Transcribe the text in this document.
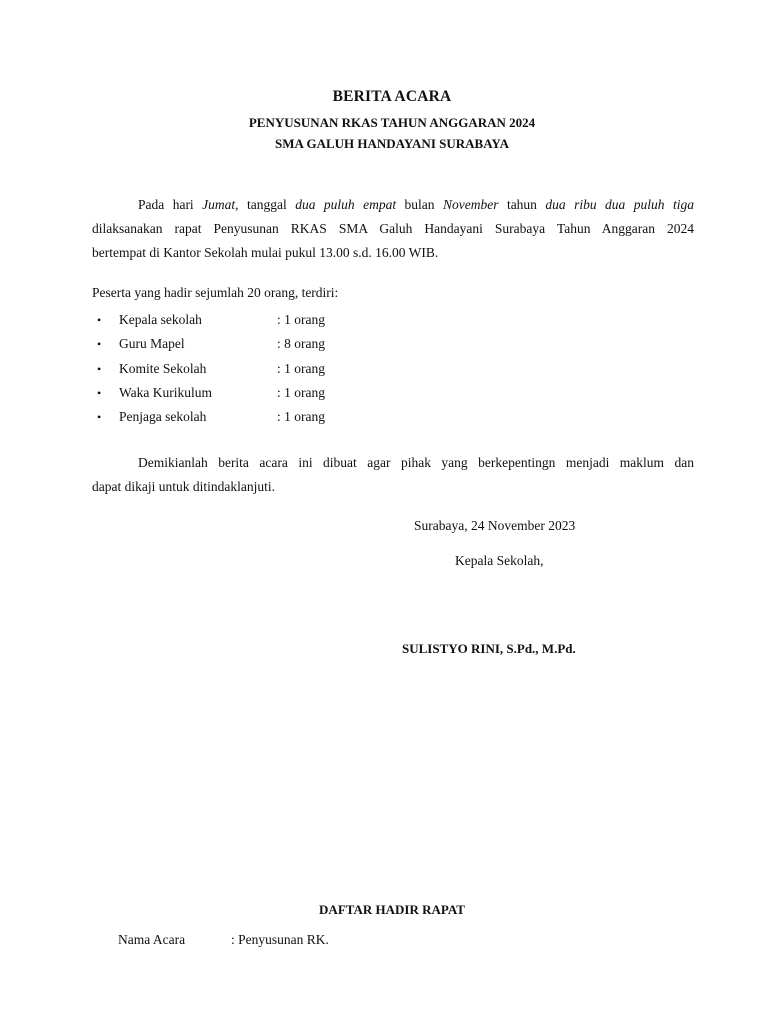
BERITA ACARA
PENYUSUNAN RKAS TAHUN ANGGARAN 2024
SMA GALUH HANDAYANI SURABAYA
Pada hari Jumat, tanggal dua puluh empat bulan November tahun dua ribu dua puluh tiga
dilaksanakan rapat Penyusunan RKAS SMA Galuh Handayani Surabaya Tahun Anggaran 2024
bertempat di Kantor Sekolah mulai pukul 13.00 s.d. 16.00 WIB.
Peserta yang hadir sejumlah 20 orang, terdiri:
• Kepala sekolah	: 1 orang
• Guru Mapel	: 8 orang
• Komite Sekolah	: 1 orang
• Waka Kurikulum	: 1 orang
• Penjaga sekolah	: 1 orang
Demikianlah berita acara ini dibuat agar pihak yang berkepentingn menjadi maklum dan
dapat dikaji untuk ditindaklanjuti.
Surabaya, 24 November 2023
Kepala Sekolah,
SULISTYO RINI, S.Pd., M.Pd.
DAFTAR HADIR RAPAT
Nama Acara	: Penyusunan RK.
